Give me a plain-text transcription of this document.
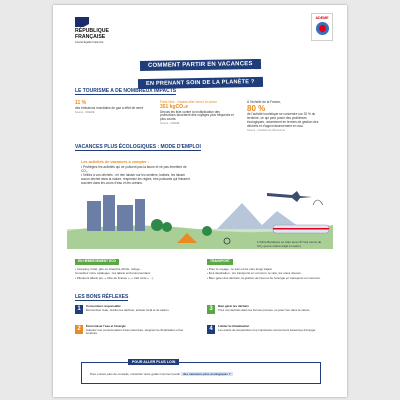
RÉPUBLIQUE FRANÇAISE
Liberté Égalité Fraternité
ADEME
COMMENT PARTIR EN VACANCES
EN PRENANT SOIN DE LA PLANÈTE ?
LE TOURISME A DE NOMBREUX IMPACTS
11 %
des émissions mondiales de gaz à effet de serre
Source : ADEME
Paris-Nice - Nantes aller-retour en avion
351 kgCO₂e
Depuis les liste contre la multiplication des promotions favorisent des voyages plus fréquents et plus courts.
Source : ADEME
À l'échelle de la France,
80 %
de l'activité touristique se concentre sur 20 % du territoire, ce qui peut poser des problèmes écologiques, notamment en termes de gestion des déchets et d'approvisionnement en eau.
Source : ministère de l'Économie
VACANCES PLUS ÉCOLOGIQUES : MODE D'EMPLOI
Les activités de vacances à compter :
• Privilégiez les activités qui ne polluent pas la faune et ne pas émettent de CO₂.
• Veillez à vos déchets : ne rien laisser sur les sentiers, balisés, les laisser aucun déchet dans la nature, respectez les règles, très polluants qui finissent souvent dans les cours d'eau et les océans.
1 Paris-Bordeaux en train émet 37 fois moins de CO₂ que le même trajet en avion.
EN HÉBERGEMENT ÉCO

• Camping, hôtel, gîte ou chambre d'hôte, refuge...

Consultez notre catalogue : les labels environnementaux

• Plusieurs labels (ex. « Gîte de France », « Clef verte » ...)

TRANSPORT

• Pour le voyage : le train et les cars longs trajets

• Et à destination : les transports en commun, le vélo, les voies douces.

• Bien gérer des déchets, la gestion de l'eau et de l'énergie en transports en commun.

LES BONS RÉFLEXES
1	Consommer responsable
Économiser l'eau, réduire les déchets, acheter local et de saison.
2	Économiser l'eau et l'énergie
Adoptez une consommation d'eau raisonnée, éteignez la climatisation et les lumières.
3	Bien gérer les déchets
Triez vos déchets dans les bornes prévues, ne jetez rien dans la nature.
4	Limiter la climatisation
Les écarts de température trop importants consomment beaucoup d'énergie.
POUR ALLER PLUS LOIN
Pour encore plus de conseils, consultez notre guide Comment partir des vacances plus écologiques ?
